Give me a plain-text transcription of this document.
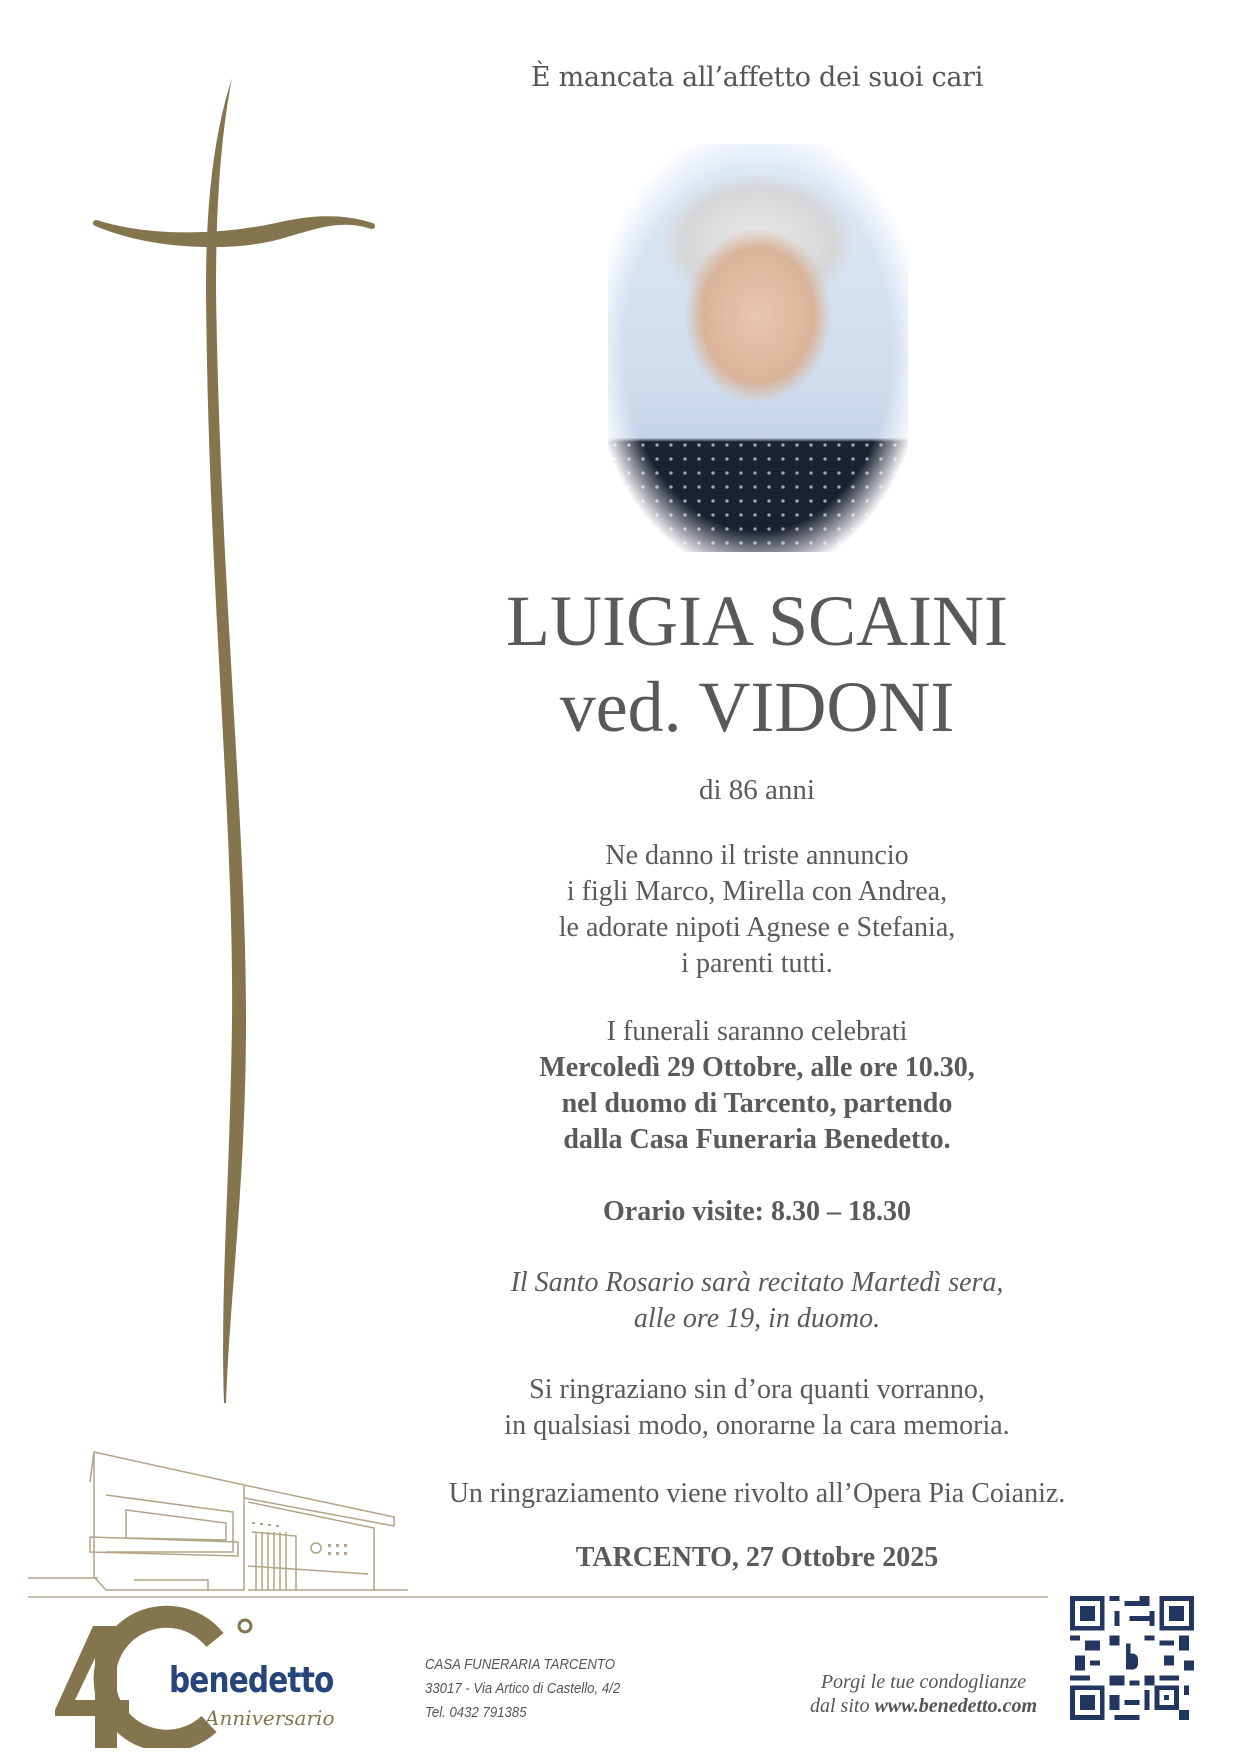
È mancata all’affetto dei suoi cari
LUIGIA SCAINI
ved. VIDONI
di 86 anni
Ne danno il triste annuncio
i figli Marco, Mirella con Andrea,
le adorate nipoti Agnese e Stefania,
i parenti tutti.
I funerali saranno celebrati
Mercoledì 29 Ottobre, alle ore 10.30,
nel duomo di Tarcento, partendo
dalla Casa Funeraria Benedetto.
Orario visite: 8.30 – 18.30
Il Santo Rosario sarà recitato Martedì sera,
alle ore 19, in duomo.
Si ringraziano sin d’ora quanti vorranno,
in qualsiasi modo, onorarne la cara memoria.
Un ringraziamento viene rivolto all’Opera Pia Coianiz.
TARCENTO, 27 Ottobre 2025
benedetto
Anniversario
CASA FUNERARIA TARCENTO
33017 - Via Artico di Castello, 4/2
Tel. 0432 791385
Porgi le tue condoglianze
dal sito www.benedetto.com
